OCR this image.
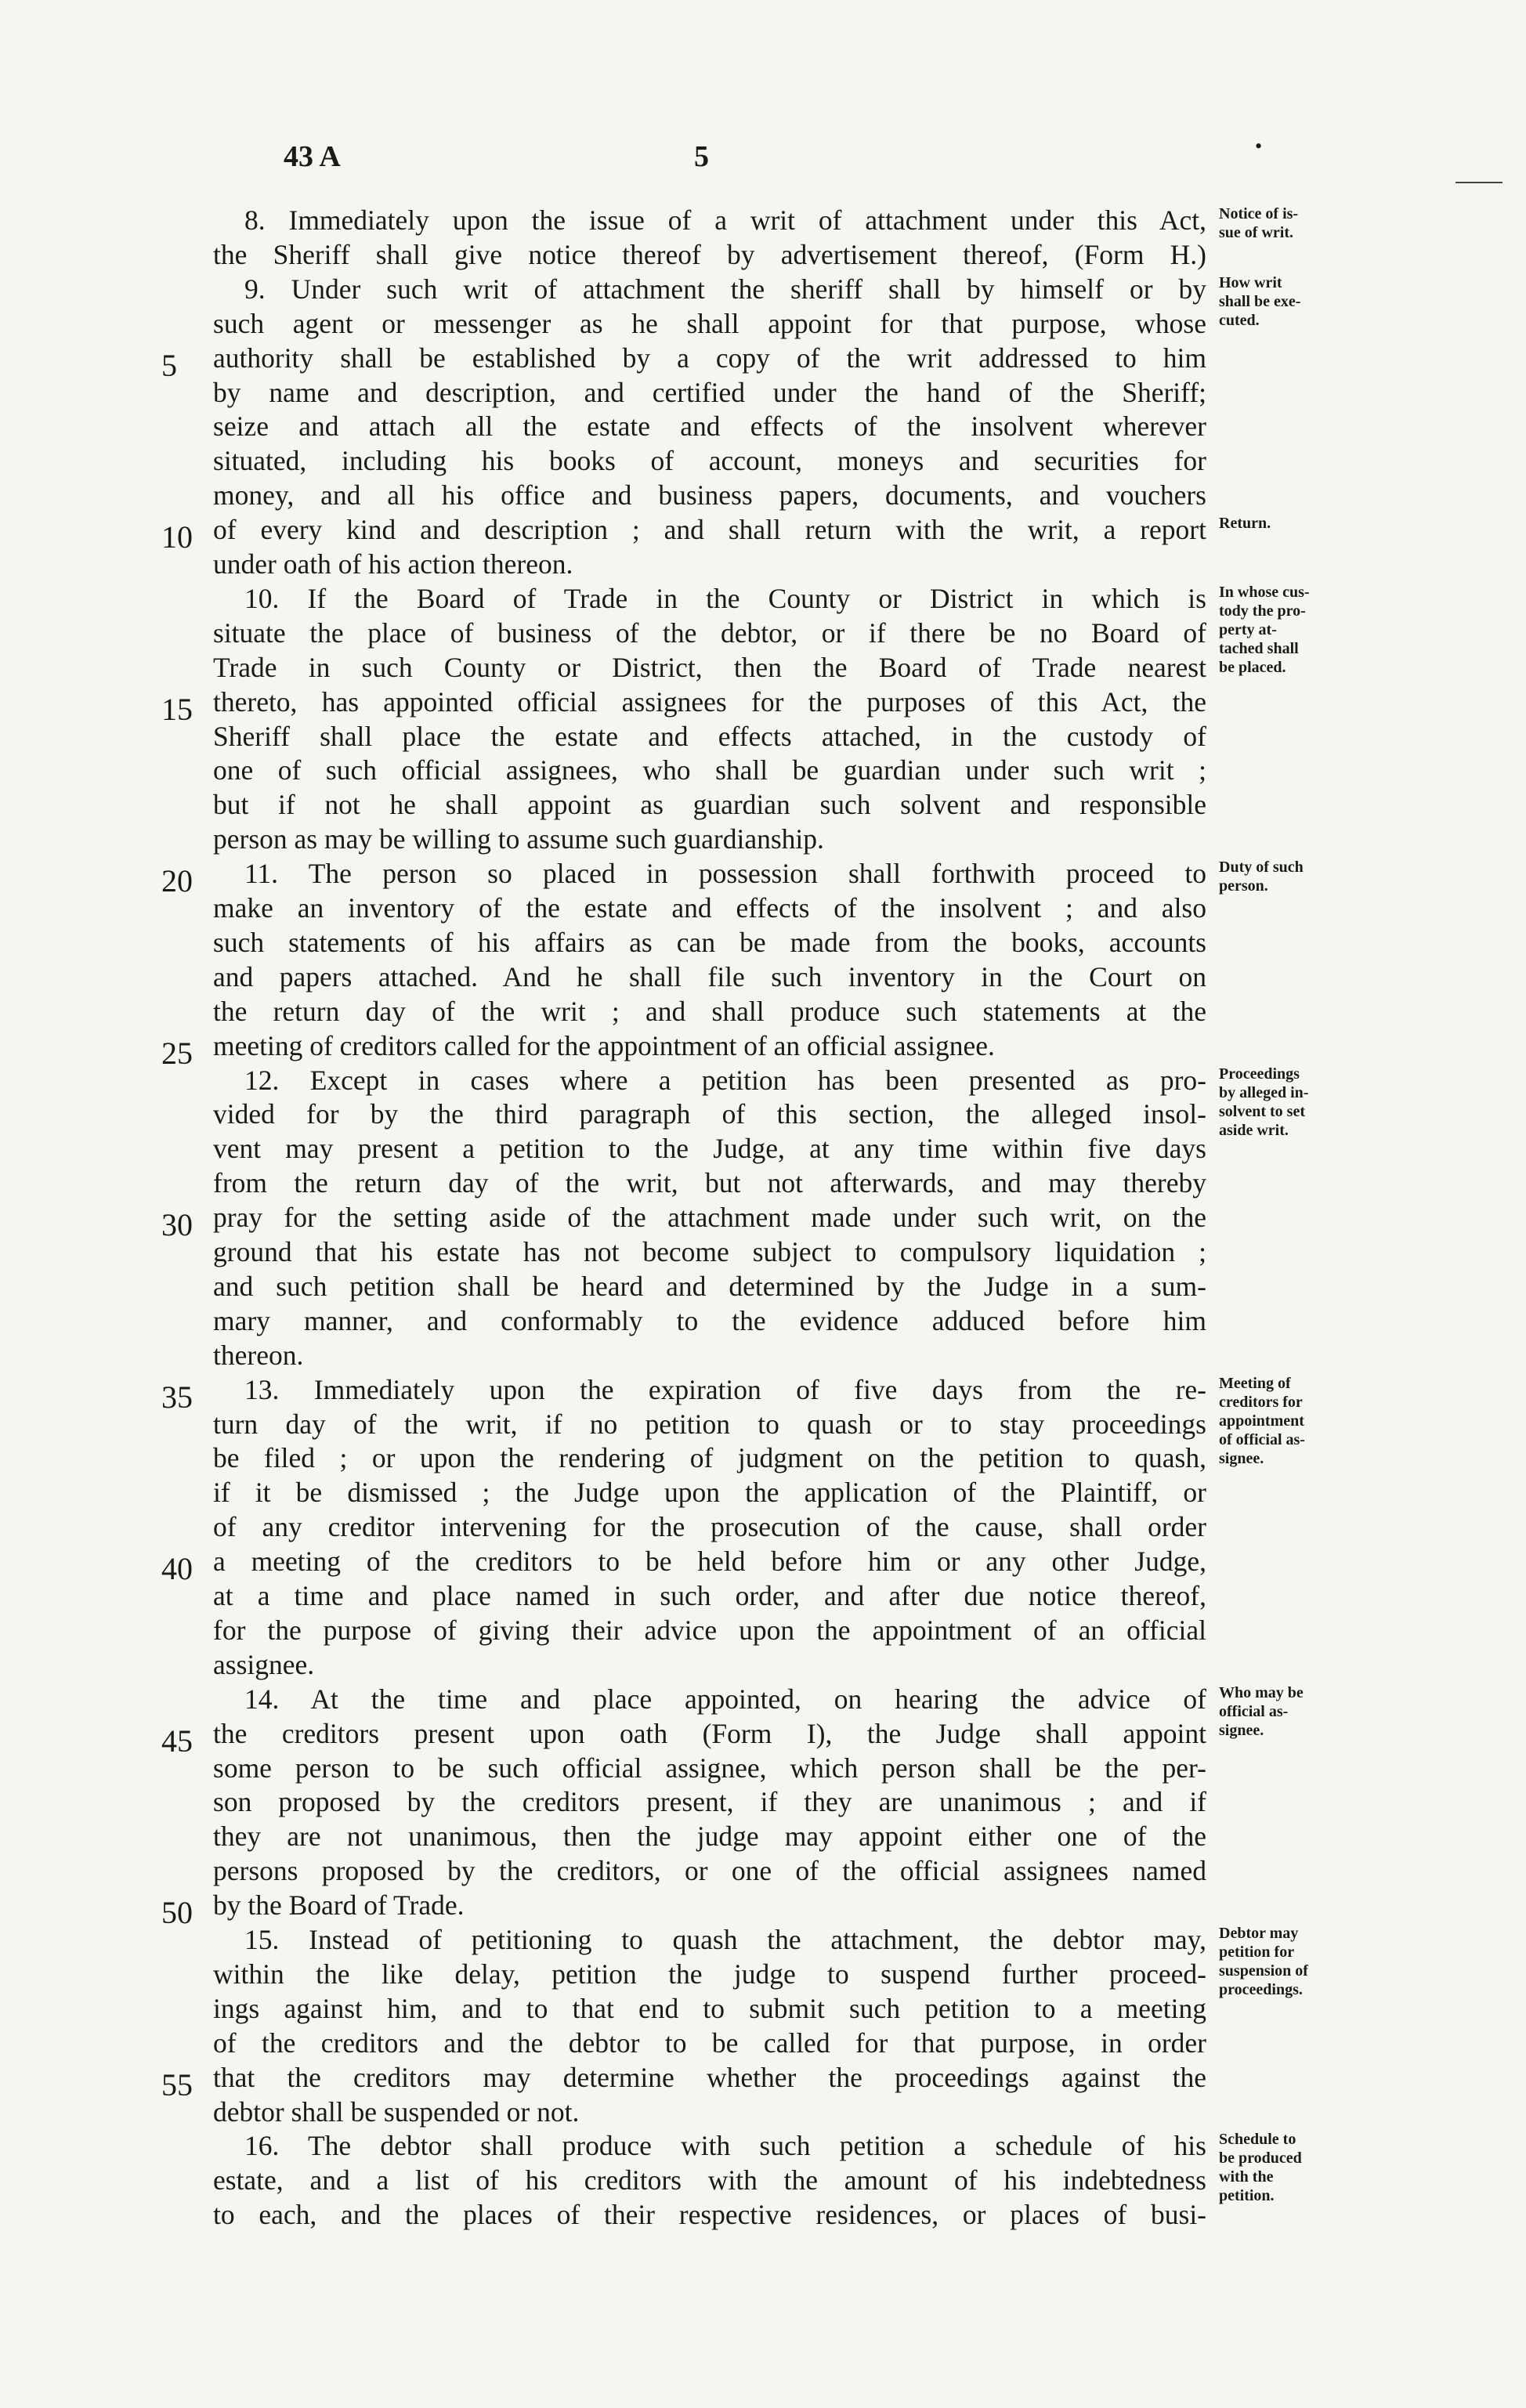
43 A	5	•
8. Immediately upon the issue of a writ of attachment under this Act,
the Sheriff shall give notice thereof by advertisement thereof, (Form H.)
9. Under such writ of attachment the sheriff shall by himself or by
such agent or messenger as he shall appoint for that purpose, whose
5	authority shall be established by a copy of the writ addressed to him
by name and description, and certified under the hand of the Sheriff;
seize and attach all the estate and effects of the insolvent wherever
situated, including his books of account, moneys and securities for
money, and all his office and business papers, documents, and vouchers
10 of every kind and description ; and shall return with the writ, a report
under oath of his action thereon.
10. If the Board of Trade in the County or District in which is
situate the place of business of the debtor, or if there be no Board of
Trade in such County or District, then the Board of Trade nearest
15 thereto, has appointed official assignees for the purposes of this Act, the
Sheriff shall place the estate and effects attached, in the custody of
one of such official assignees, who shall be guardian under such writ ;
but if not he shall appoint as guardian such solvent and responsible
person as may be willing to assume such guardianship.
20	11. The person so placed in possession shall forthwith proceed to
make an inventory of the estate and effects of the insolvent ; and also
such statements of his affairs as can be made from the books, accounts
and papers attached. And he shall file such inventory in the Court on
the return day of the writ ; and shall produce such statements at the
25 meeting of creditors called for the appointment of an official assignee.
12. Except in cases where a petition has been presented as pro-
vided for by the third paragraph of this section, the alleged insol-
vent may present a petition to the Judge, at any time within five days
from the return day of the writ, but not afterwards, and may thereby
30 pray for the setting aside of the attachment made under such writ, on the
ground that his estate has not become subject to compulsory liquidation ;
and such petition shall be heard and determined by the Judge in a sum-
mary manner, and conformably to the evidence adduced before him
thereon.
35	13. Immediately upon the expiration of five days from the re-
turn day of the writ, if no petition to quash or to stay proceedings
be filed ; or upon the rendering of judgment on the petition to quash,
if it be dismissed ; the Judge upon the application of the Plaintiff, or
of any creditor intervening for the prosecution of the cause, shall order
40 a meeting of the creditors to be held before him or any other Judge,
at a time and place named in such order, and after due notice thereof,
for the purpose of giving their advice upon the appointment of an official
assignee.
14. At the time and place appointed, on hearing the advice of
45 the creditors present upon oath (Form I), the Judge shall appoint
some person to be such official assignee, which person shall be the per-
son proposed by the creditors present, if they are unanimous ; and if
they are not unanimous, then the judge may appoint either one of the
persons proposed by the creditors, or one of the official assignees named
50 by the Board of Trade.
15. Instead of petitioning to quash the attachment, the debtor may,
within the like delay, petition the judge to suspend further proceed-
ings against him, and to that end to submit such petition to a meeting
of the creditors and the debtor to be called for that purpose, in order
55 that the creditors may determine whether the proceedings against the
debtor shall be suspended or not.
16. The debtor shall produce with such petition a schedule of his
estate, and a list of his creditors with the amount of his indebtedness
to each, and the places of their respective residences, or places of busi-
Notice of is-
sue of writ.
How writ
shall be exe-
cuted.
Return.
In whose cus-
tody the pro-
perty at-
tached shall
be placed.
Duty of such
person.
Proceedings
by alleged in-
solvent to set
aside writ.
Meeting of
creditors for
appointment
of official as-
signee.
Who may be
official as-
signee.
Debtor may
petition for
suspension of
proceedings.
Schedule to
be produced
with the
petition.
